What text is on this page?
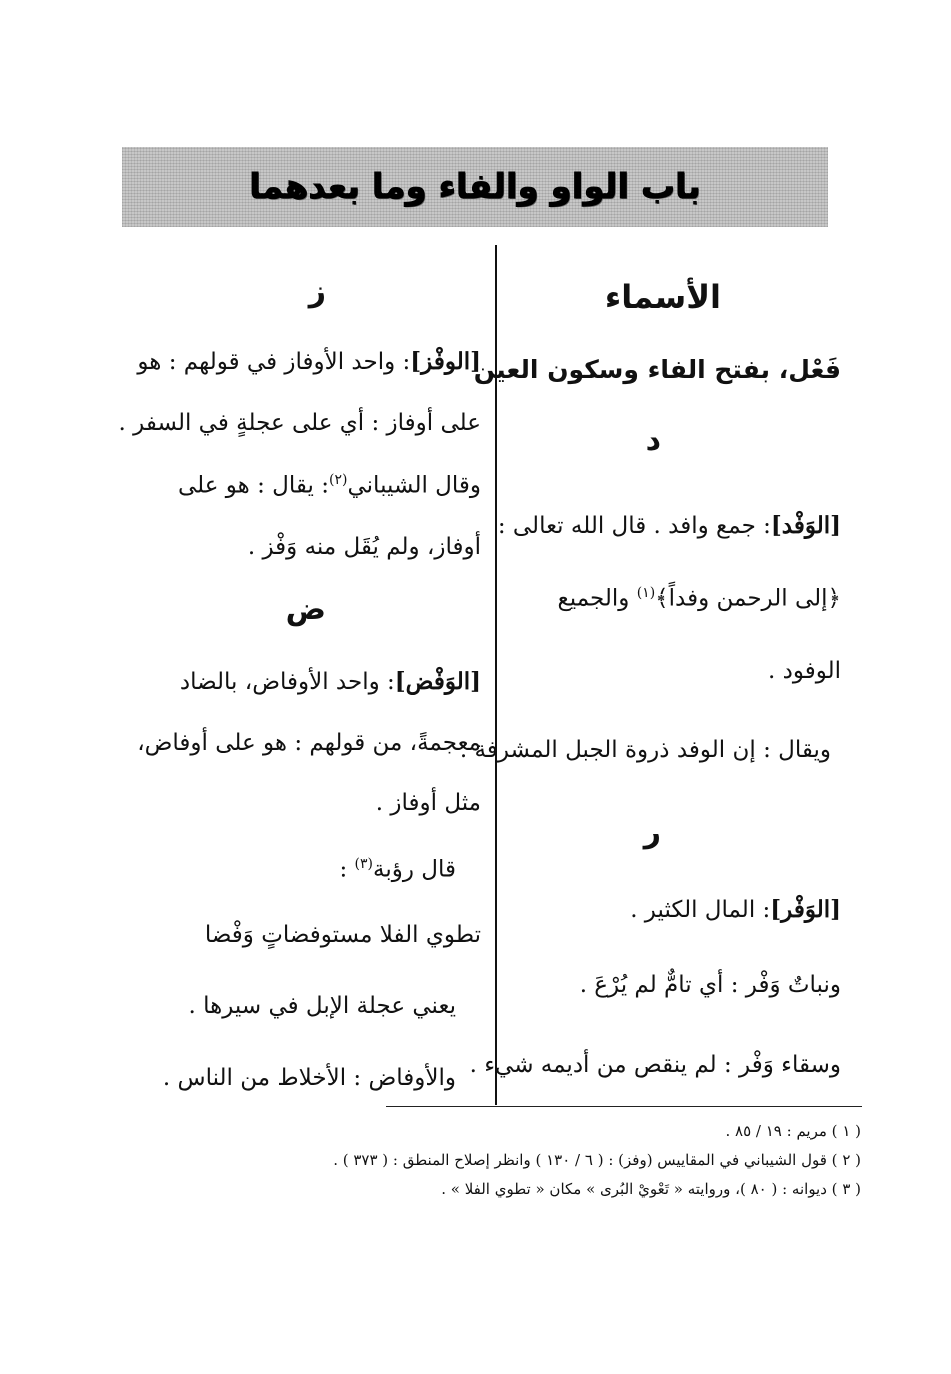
باب الواو والفاء وما بعدهما
الأسماء
فَعْل، بفتح الفاء وسكون العين
د
[الوَفْد]: جمع وافد . قال الله تعالى :
﴿إلى الرحمن وفداً﴾$^{(١)}$ والجميع
الوفود .
ويقال : إن الوفد ذروة الجبل المشرفة .
ر
[الوَفْر]: المال الكثير .
ونباتٌ وَفْر : أي تامٌّ لم يُرْعَ .
وسقاء وَفْر : لم ينقص من أديمه شيء .
ز
[الوفْز]: واحد الأوفاز في قولهم : هو
على أوفاز : أي على عجلةٍ في السفر .
وقال الشيباني$^{(٢)}$: يقال : هو على
أوفاز، ولم يُقَل منه وَفْز .
ض
[الوَفْض]: واحد الأوفاض، بالضاد
معجمةً، من قولهم : هو على أوفاض،
مثل أوفاز .
قال رؤبة$^{(٣)}$ :
تطوي الفلا مستوفضاتٍ وَفْضا
يعني عجلة الإبل في سيرها .
والأوفاض : الأخلاط من الناس .
( ١ ) مريم : ١٩ / ٨٥ .
( ٢ ) قول الشيباني في المقاييس (وفز) : ( ٦ / ١٣٠ ) وانظر إصلاح المنطق : ( ٣٧٣ ) .
( ٣ ) ديوانه : ( ٨٠ )، وروايته « تَعْويْ البُرى » مكان « تطوي الفلا » .
